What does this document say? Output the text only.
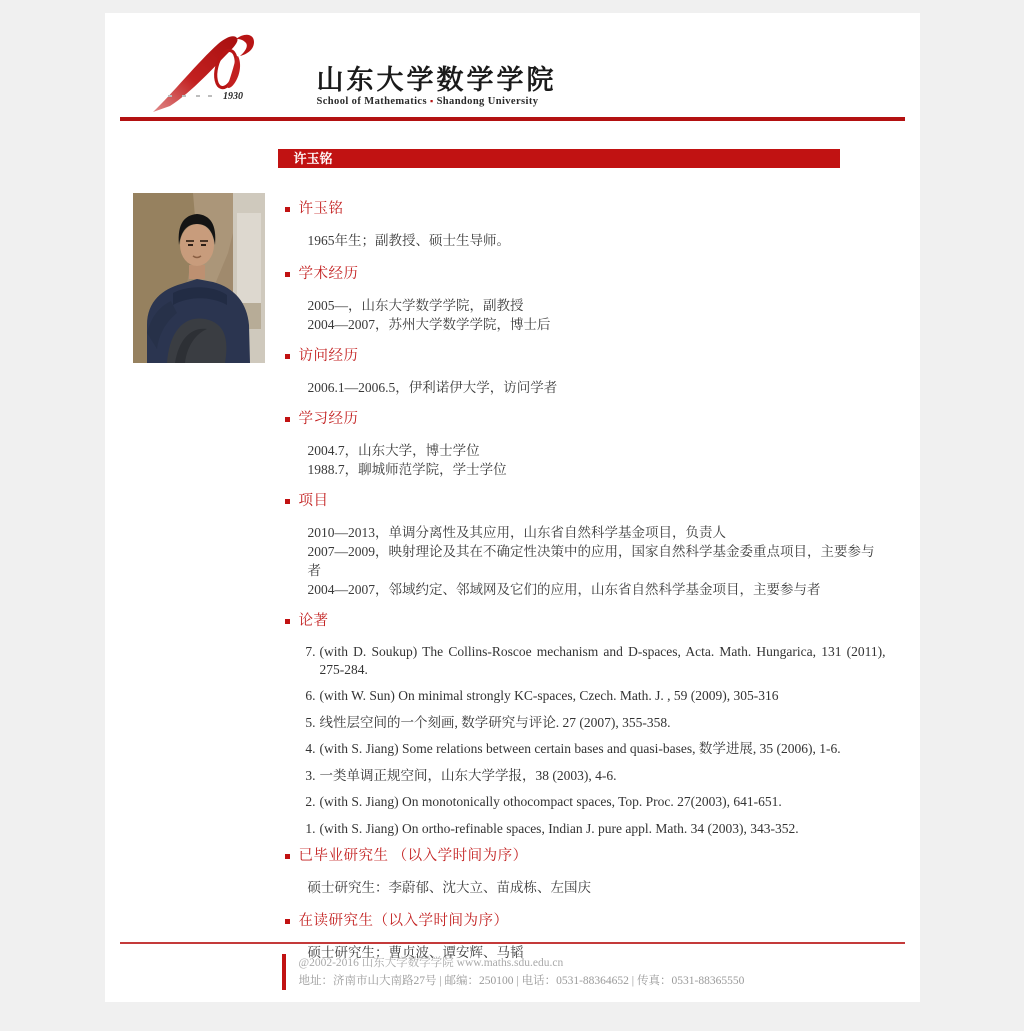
1930
山东大学数学学院
School of Mathematics ▪ Shandong University
许玉铭
许玉铭
1965年生；副教授、硕士生导师。
学术经历
2005—，山东大学数学学院，副教授
2004—2007，苏州大学数学学院，博士后
访问经历
2006.1—2006.5，伊利诺伊大学，访问学者
学习经历
2004.7，山东大学，博士学位
1988.7，聊城师范学院，学士学位
项目
2010—2013，单调分离性及其应用，山东省自然科学基金项目，负责人
2007—2009，映射理论及其在不确定性决策中的应用，国家自然科学基金委重点项目，主要参与者
2004—2007，邻域约定、邻域网及它们的应用，山东省自然科学基金项目，主要参与者
论著
7. (with D. Soukup) The Collins-Roscoe mechanism and D-spaces, Acta. Math. Hungarica, 131 (2011), 275-284.
6. (with W. Sun) On minimal strongly KC-spaces, Czech. Math. J. , 59 (2009), 305-316
5. 线性层空间的一个刻画, 数学研究与评论. 27 (2007), 355-358.
4. (with S. Jiang) Some relations between certain bases and quasi-bases, 数学进展, 35 (2006), 1-6.
3. 一类单调正规空间，山东大学学报，38 (2003), 4-6.
2. (with S. Jiang) On monotonically othocompact spaces, Top. Proc. 27(2003), 641-651.
1. (with S. Jiang) On ortho-refinable spaces, Indian J. pure appl. Math. 34 (2003), 343-352.
已毕业研究生 （以入学时间为序）
硕士研究生：李蔚郁、沈大立、苗成栋、左国庆
在读研究生（以入学时间为序）
硕士研究生：曹贞波、谭安辉、马韬
@2002-2016 山东大学数学学院 www.maths.sdu.edu.cn
地址：济南市山大南路27号 | 邮编：250100 | 电话：0531-88364652 | 传真：0531-88365550
